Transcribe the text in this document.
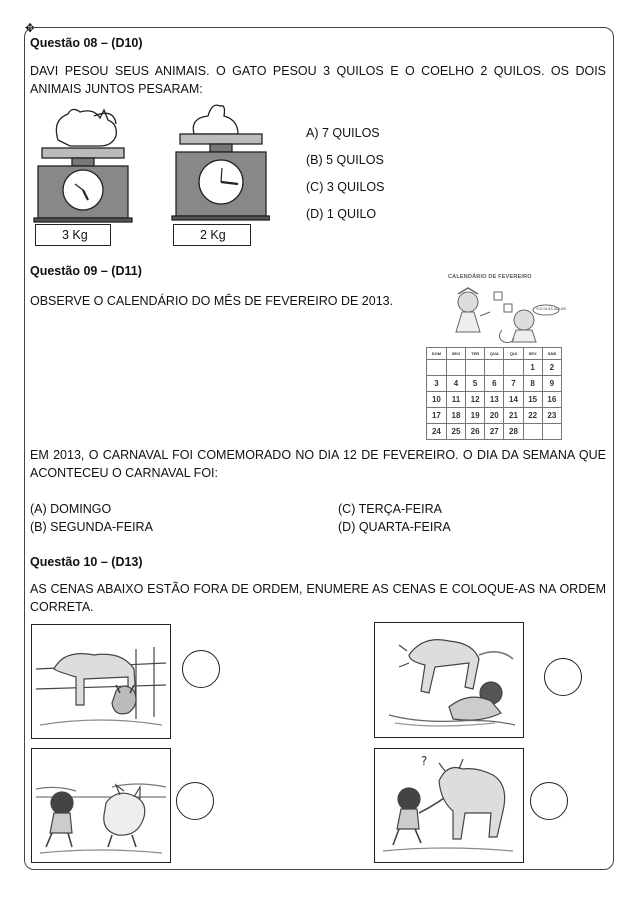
✥
Questão 08 – (D10)
DAVI PESOU SEUS ANIMAIS. O GATO PESOU 3 QUILOS E O COELHO 2 QUILOS. OS DOIS ANIMAIS JUNTOS PESARAM:
3 Kg	2 Kg
A) 7 QUILOS
(B) 5 QUILOS
(C) 3 QUILOS
(D) 1 QUILO
Questão 09 – (D11)
OBSERVE O CALENDÁRIO DO MÊS DE FEVEREIRO DE 2013.
CALENDÁRIO DE FEVEREIRO
VOLTA ÀS AULAS!
DOM	SEG	TER	QUA	QUI	SEX	SÁB
					1	2
3	4	5	6	7	8	9
10	11	12	13	14	15	16
17	18	19	20	21	22	23
24	25	26	27	28		
EM 2013, O CARNAVAL FOI COMEMORADO NO DIA 12 DE FEVEREIRO. O DIA DA SEMANA QUE ACONTECEU O CARNAVAL FOI:
(A) DOMINGO	(C) TERÇA-FEIRA
(B) SEGUNDA-FEIRA	(D) QUARTA-FEIRA
Questão 10 – (D13)
AS CENAS ABAIXO ESTÃO FORA DE ORDEM, ENUMERE AS CENAS E COLOQUE-AS NA ORDEM CORRETA.
?
